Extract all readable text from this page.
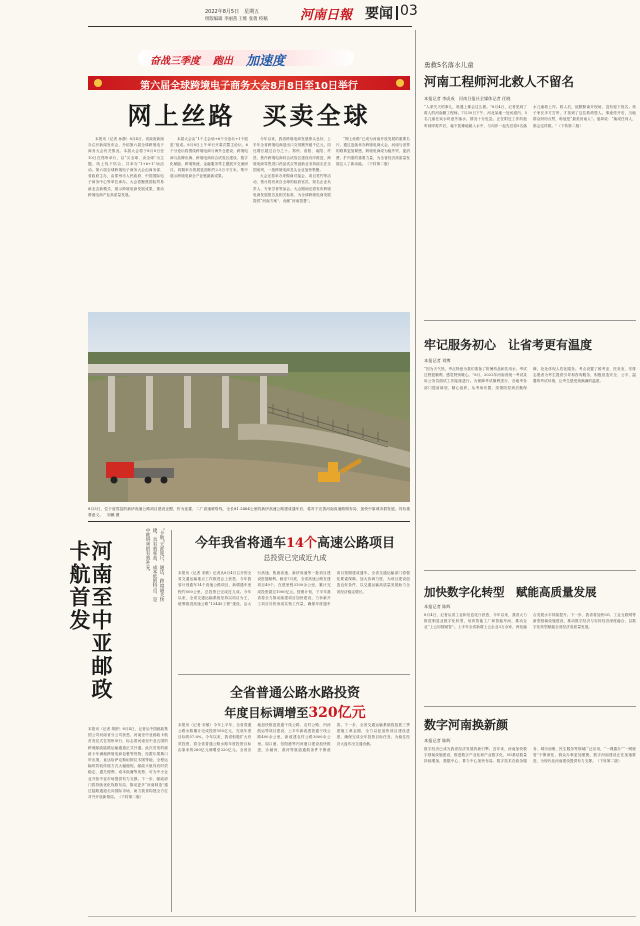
2022年8月5日　星期五
组版编辑 李丽茜 王维 张倩 校稿 河南日報 要闻 03
奋战三季度 跑出 加速度
第六届全球跨境电子商务大会8月8日至10日举行
网上丝路　买卖全球
本报讯（记者 孙静）8月4日，省政府新闻办召开新闻发布会，介绍第六届全球跨境电子商务大会有关情况。本届大会将于8月8日至10日在郑州举行，以“买全球、卖全球”为主题，线上线下结合，共举办“1+6+1”场活动。第六届全球跨境电子商务大会由商务部、省政府主办，由郑州市人民政府、中国国际电子商务中心等单位承办。大会将聚焦国际贸易新业态新模式，展示跨境电商发展成果，推动跨境电商产业高质量发展。
本届大会由“1个主会场+6个分论坛+1个展览”组成。8月8日上午举行开幕式暨主论坛，6个分论坛将围绕跨境电商与海外仓建设、跨境电商与品牌出海、跨境电商综合试验区建设、数字化赋能、跨境物流、金融服务等主题展开交流研讨。同期举办的展览面积约2.5万平方米，集中展示跨境电商全产业链最新成果。
今年以来，我省跨境电商发展势头良好，上半年全省跨境电商进出口交易额突破千亿元，同比增长超过百分之十。郑州、洛阳、南阳、许昌、焦作跨境电商综合试验区建设有序推进，跨境电商零售进口药品试点等创新业务持续走在全国前列，一批跨境电商龙头企业加快集聚。
大会还将举办采购商对接会、项目签约等活动，预计将有来自全球的政府官员、知名企业负责人、专家学者等参会。大会期间还将发布跨境电商发展报告及相关标准，为全球跨境电商发展提供“河南方案”、贡献“河南智慧”。
“网上丝路”已成为河南开放发展的重要名片。通过连续举办跨境电商大会，河南与世界的联系更加紧密，跨境电商成为稳外贸、促消费、扩内需的重要力量，为全省经济高质量发展注入了新动能。（下转第二版）
8月3日，位于宽郑县的新伊高速公路项目建设正酣，作为连霍、二广高速联络线，全长81.2464公里的新伊高速公路建成通车后，将对于完善河南高速路网布局、加快中原城市群发展，具有重要意义。　刘鹏 摄
河南至中亚邮政卡航首发	“卡航”天涯咫尺、通达、跨境通关快捷，具有效率高、成本低的特点，是中欧班列的有效补充。
本报讯（记者 胡舒）8月4日，记者从中国邮政集团公司河南省分公司获悉，河南至中亚邮政卡航首发仪式在郑州举行，标志着河南至中亚五国的跨境邮政陆路运输通道正式开通。此次首发的邮政卡车满载跨境电商包裹等货物，经霍尔果斯口岸出境，直达哈萨克斯坦阿拉木图等地，全程运输时效较传统方式大幅缩短。邮政卡航具有时效稳定、通关便利、成本低廉等优势，可为中小企业开拓中亚市场提供有力支撑。下一步，邮政部门将持续优化线路布局，推动更多“河南制造”通过陆路通道走向国际市场，助力我省构建全方位对外开放新格局。（下转第二版）
今年我省将通车14个高速公路项目
总投资已完成近九成
本报讯（记者 宋敏）记者从8月4日召开的全省交通运输重点工作推进会上获悉，今年我省计划通车14个高速公路项目，新增通车里程约500公里，总投资已完成近九成。今年以来，全省交通运输系统坚持以项目为王，统筹推进高速公路“13445工程”建设，沿太行高速、焦唐高速、新伊高速等一批项目建设进展顺利。截至7月底，全省高速公路在建项目49个，在建里程3100余公里，累计完成投资超过1000亿元。按照计划，下半年我省将全力推动续建项目加快建设，力争新开工项目尽快形成实物工作量，确保年度通车项目按期建成通车。全省交通运输部门将强化要素保障，加大协调力度，为项目建设创造良好条件，以交通运输高质量发展助力全省经济稳定增长。
全省普通公路水路投资
年度目标调增至320亿元
本报讯（记者 宋敏）今年上半年，全省普通公路水路累计完成投资185亿元，完成年度目标的57.8%。今年以来，我省积极扩大有效投资，将全省普通公路水路年度投资目标由原来的280亿元调增至320亿元。全省各地加快推进普通干线公路、农村公路、内河航运等项目建设，上半年新改建普通干线公路400余公里，新改建农村公路3000余公里。周口港、信阳港等内河港口建设加快推进，沙颍河、淮河等航道通航条件不断改善。下一步，全省交通运输系统将抢抓三季度施工黄金期，全力以赴加快项目建设进度，确保完成全年投资目标任务，为稳住经济大盘作出交通贡献。
勇救5名落水儿童
河南工程师河北救人不留名
本报记者 李虎成　河南日报社全媒体记者 任晓
“人命关天的事儿，谁遇上都会这么做。”8月4日，记者见到了救人的河南籍工程师。7月30日下午，河北某地一处河道内，5名儿童在戏水时意外落水，情况十分危急。正在附近工作的他听到呼救声后，毫不犹豫地跳入水中，与同伴一起先后将5名落水儿童救上岸。救人后，他默默离开现场，没有留下姓名。孩子家长多方打听，才找到了这位救命恩人。事迹传开后，当地群众纷纷点赞，称他是“最美河南人”。他却说：“换成任何人，都会这样做。”（下转第二版）
牢记服务初心　让省考更有温度
本报记者 刘博
“因为天气热，考点特意为我们准备了防暑药品和饮用水，考试过程很顺利，感觉特别暖心。”8月，2022年河南省统一考试录用公务员面试工作陆续进行。为保障考试顺利进行，各地考务部门提前谋划、精心组织，从考场布置、疫情防控到后勤保障，处处体现人性化服务。考点设置了候考室、医务室，安排志愿者为考生提供引导和咨询服务，积极营造安全、公平、温馨的考试环境，让考生感受到满满的温度。
加快数字化转型　赋能高质量发展
本报记者 陈辉
8月4日，记者从省工业和信息化厅获悉，今年以来，我省大力推进制造业数字化转型，培育智能工厂和智能车间，推动企业“上云用数赋智”。上半年全省新增上云企业3万余家，两化融合发展水平持续提升。下一步，我省将加快5G、工业互联网等新型基础设施建设，推动数字经济与实体经济深度融合，以数字化转型赋能全省经济高质量发展。
数字河南换新颜
本报记者 陈辉
数字经济已成为我省经济发展的新引擎。近年来，河南加快数字基础设施建设，推进数字产业化和产业数字化，5G基站数量持续增加，数据中心、算力中心加快布局。数字技术在政务服务、城市治理、民生服务等领域广泛应用，“一网通办”“一网统管”不断深化，群众办事更加便捷。数字河南建设正在加速推进，为现代化河南建设提供有力支撑。（下转第二版）
